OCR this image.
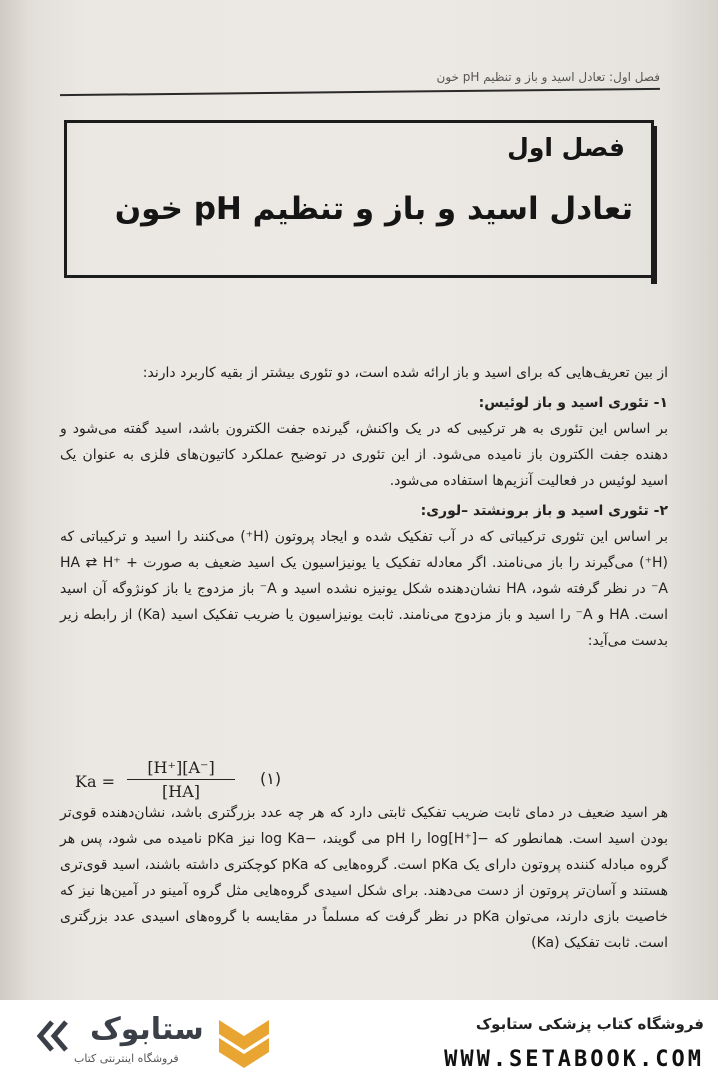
فصل اول: تعادل اسید و باز و تنظیم pH خون
فصل اول
تعادل اسید و باز و تنظیم pH خون

از بین تعریف‌هایی که برای اسید و باز ارائه شده است، دو تئوری بیشتر از بقیه کاربرد دارند:

۱- تئوری اسید و باز لوئیس:

بر اساس این تئوری به هر ترکیبی که در یک واکنش، گیرنده جفت الکترون باشد، اسید گفته می‌شود و دهنده جفت الکترون باز نامیده می‌شود. از این تئوری در توضیح عملکرد کاتیون‌های فلزی به عنوان یک اسید لوئیس در فعالیت آنزیم‌ها استفاده می‌شود.

۲- تئوری اسید و باز برونشتد –لوری:

بر اساس این تئوری ترکیباتی که در آب تفکیک شده و ایجاد پروتون (H⁺) می‌کنند را اسید و ترکیباتی که (H⁺) می‌گیرند را باز می‌نامند. اگر معادله تفکیک یا یونیزاسیون یک اسید ضعیف به صورت HA ⇄ H⁺ + A⁻ در نظر گرفته شود، HA نشان‌دهنده شکل یونیزه نشده اسید و A⁻ باز مزدوج یا باز کونژوگه آن اسید است. HA و A⁻ را اسید و باز مزدوج می‌نامند. ثابت یونیزاسیون یا ضریب تفکیک اسید (Ka) از رابطه زیر بدست می‌آید:

$Ka = \frac{[H^+][A^-]}{[HA]}$ (۱)

هر اسید ضعیف در دمای ثابت ضریب تفکیک ثابتی دارد که هر چه عدد بزرگتری باشد، نشان‌دهنده قوی‌تر بودن اسید است. همانطور که −log[H⁺] را pH می گویند، −log Ka نیز pKa نامیده می شود، پس هر گروه مبادله کننده پروتون دارای یک pKa است. گروه‌هایی که pKa کوچکتری داشته باشند، اسید قوی‌تری هستند و آسان‌تر پروتون از دست می‌دهند. برای شکل اسیدی گروه‌هایی مثل گروه آمینو در آمین‌ها نیز که خاصیت بازی دارند، می‌توان pKa در نظر گرفت که مسلماً در مقایسه با گروه‌های اسیدی عدد بزرگتری است. ثابت تفکیک (Ka)

ستابوک
فروشگاه اینترنتی کتاب
فروشگاه کتاب پزشکی ستابوک
WWW.SETABOOK.COM
